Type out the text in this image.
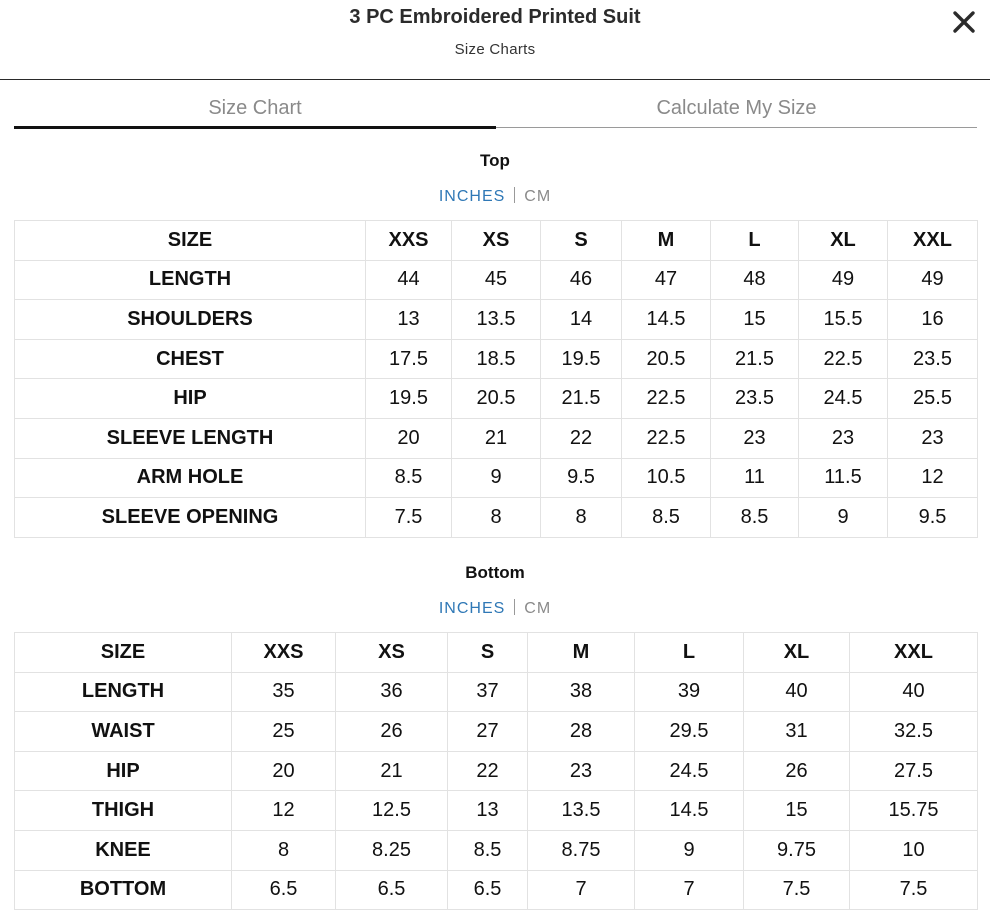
3 PC Embroidered Printed Suit
Size Charts
Size Chart	Calculate My Size
Top
INCHES CM
SIZE	XXS	XS	S	M	L	XL	XXL
LENGTH	44	45	46	47	48	49	49
SHOULDERS	13	13.5	14	14.5	15	15.5	16
CHEST	17.5	18.5	19.5	20.5	21.5	22.5	23.5
HIP	19.5	20.5	21.5	22.5	23.5	24.5	25.5
SLEEVE LENGTH	20	21	22	22.5	23	23	23
ARM HOLE	8.5	9	9.5	10.5	11	11.5	12
SLEEVE OPENING	7.5	8	8	8.5	8.5	9	9.5
Bottom
INCHES CM
SIZE	XXS	XS	S	M	L	XL	XXL
LENGTH	35	36	37	38	39	40	40
WAIST	25	26	27	28	29.5	31	32.5
HIP	20	21	22	23	24.5	26	27.5
THIGH	12	12.5	13	13.5	14.5	15	15.75
KNEE	8	8.25	8.5	8.75	9	9.75	10
BOTTOM	6.5	6.5	6.5	7	7	7.5	7.5
